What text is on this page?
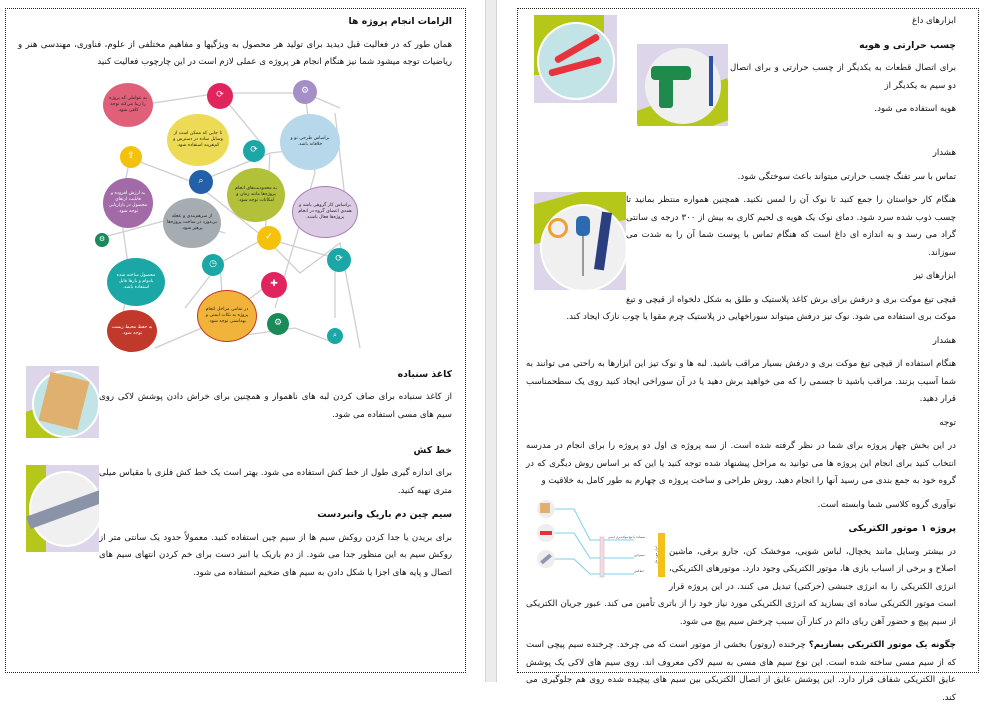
الزامات انجام پروژه ها

همان طور که در فعالیت قبل دیدید برای تولید هر محصول به ویژگیها و مفاهیم مختلفی از علوم، فناوری، مهندسی هنر و ریاضیات توجه میشود شما نیز هنگام انجام هر پروژه ی عملی لازم است در این چارچوب فعالیت کنید

به عواملی که پروژه را زیبا می‌کند توجه کافی شود.
تا جایی که ممکن است از وسایل ساده در دسترس و کم‌هزینه استفاده شود.
براساس طرحی نو و خلاقانه باشد.
به ارزش افزوده و قابلیت ارتقای محصول در بازاریابی توجه شود.
به محدودیت‌های انجام پروژه‌ها مانند زمان و امکانات توجه شود.
از سرهم‌بندی و عجله بی‌مورد در ساخت پروژه‌ها پرهیز شود.
براساس کار گروهی باشد و همه‌ی اعضای گروه در انجام پروژه‌ها فعال باشند.
محصول ساخته شده بادوام و بارها قابل استفاده باشد.
در تمامی مراحل انجام پروژه به نکات ایمنی و بهداشتی توجه شود.
به حفظ محیط زیست توجه شود.
⟳	⚙
⇧
⌕
⟳
✓
◷
✚
⟳
⚙
⚙
⌕

کاغذ سنباده

از کاغذ سنباده برای صاف کردن لبه های ناهموار و همچنین برای خراش دادن پوشش لاکی روی سیم های مسی استفاده می شود.

خط کش

برای اندازه گیری طول از خط کش استفاده می شود. بهتر است یک خط کش فلزی با مقیاس میلی متری تهیه کنید.

سیم چین دم باریک وانبردست

برای بریدن یا جدا کردن روکش سیم ها از سیم چین استفاده کنید. معمولاً حدود یک سانتی متر از روکش سیم به این منظور جدا می شود. از دم باریک یا انبر دست برای خم کردن انتهای سیم های اتصال و پایه های اجزا یا شکل دادن به سیم های ضخیم استفاده می شود.

ابزارهای داغ

چسب حرارتی و هویه

برای اتصال قطعات به یکدیگر از چسب حرارتی و برای اتصال دو سیم به یکدیگر از

هویه استفاده می شود.

هشدار

تماس با سر تفنگ چسب حرارتی میتواند باعث سوختگی شود.

هنگام کار حواستان را جمع کنید تا نوک آن را لمس نکنید. همچنین همواره منتظر بمانید تا چسب ذوب شده سرد شود. دمای نوک یک هویه ی لحیم کاری به بیش از ۳۰۰ درجه ی سانتی گراد می رسد و به اندازه ای داغ است که هنگام تماس با پوست شما آن را به شدت می سوزاند.

ابزارهای تیز

قیچی تیغ موکت بری و درفش برای برش کاغذ پلاستیک و طلق به شکل دلخواه از قیچی و تیغ موکت بری استفاده می شود. نوک تیز درفش میتواند سوراخهایی در پلاستیک چرم مقوا یا چوب نازک ایجاد کند.

هشدار

هنگام استفاده از قیچی تیغ موکت بری و درفش بسیار مراقب باشید. لبه ها و نوک تیز این ابزارها به راحتی می توانند به شما آسیب بزنند. مراقب باشید تا جسمی را که می خواهید برش دهید یا در آن سوراخی ایجاد کنید روی یک سطحمناسب قرار دهید.

توجه

در این بخش چهار پروژه برای شما در نظر گرفته شده است. از سه پروژه ی اول دو پروژه را برای انجام در مدرسه انتخاب کنید برای انجام این پروژه ها می توانید به مراحل پیشنهاد شده توجه کنید یا این که بر اساس روش دیگری که در گروه خود به جمع بندی می رسید آنها را انجام دهید. روش طراحی و ساخت پروژه ی چهارم به طور کامل به خلاقیت و

سمباده یا تیغ موکت‌بری ایمنی
سیم‌چین
خط‌کش
ابزار مورد نیاز

نوآوری گروه کلاسی شما وابسته است.

پروژه ۱ موتور الکتریکی

در بیشتر وسایل مانند یخچال، لباس شویی، موخشک کن، جارو برقی، ماشین اصلاح و برخی از اسباب بازی ها، موتور الکتریکی وجود دارد. موتورهای الکتریکی، انرژی الکتریکی را به انرژی جنبشی (حرکتی) تبدیل می کنند. در این پروژه قرار است موتور الکتریکی ساده ای بسازید که انرژی الکتریکی مورد نیاز خود را از باتری تأمین می کند. عبور جریان الکتریکی از سیم پیچ و حضور آهن ربای دائم در کنار آن سبب چرخش سیم پیچ می شود.

چگونه یک موتور الکتریکی بسازیم؟ چرخنده (روتور) بخشی از موتور است که می چرخد. چرخنده سیم پیچی است که از سیم مسی ساخته شده است. این نوع سیم های مسی به سیم لاکی معروف اند. روی سیم های لاکی یک پوشش عایق الکتریکی شفاف قرار دارد. این پوشش عایق از اتصال الکتریکی بین سیم های پیچیده شده روی هم جلوگیری می کند.
